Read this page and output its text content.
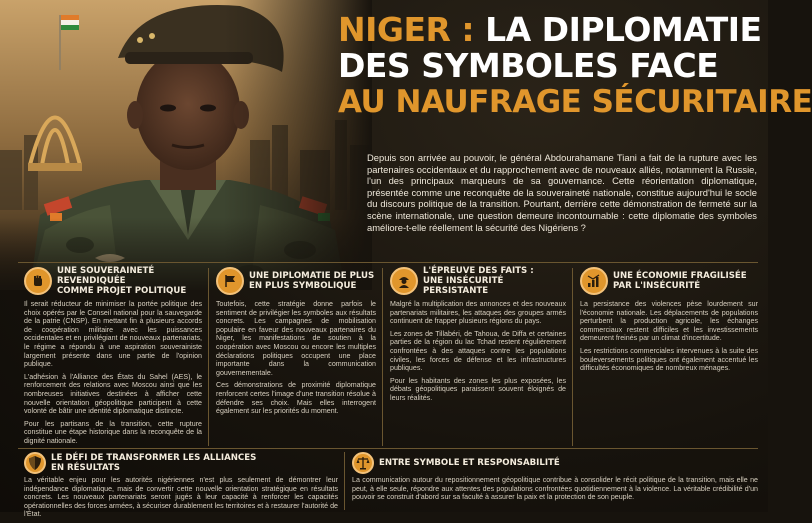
NIGER : LA DIPLOMATIE
DES SYMBOLES FACE
AU NAUFRAGE SÉCURITAIRE
Depuis son arrivée au pouvoir, le général Abdourahamane Tiani a fait de la rupture avec les partenaires occidentaux et du rapprochement avec de nouveaux alliés, notamment la Russie, l'un des principaux marqueurs de sa gouvernance. Cette réorientation diplomatique, présentée comme une reconquête de la souveraineté nationale, constitue aujourd'hui le socle du discours politique de la transition. Pourtant, derrière cette démonstration de fermeté sur la scène internationale, une question demeure incontournable : cette diplomatie des symboles améliore-t-elle réellement la sécurité des Nigériens ?
UNE SOUVERAINETÉ REVENDIQUÉE
COMME PROJET POLITIQUE

Il serait réducteur de minimiser la portée politique des choix opérés par le Conseil national pour la sauvegarde de la patrie (CNSP). En mettant fin à plusieurs accords de coopération militaire avec les puissances occidentales et en privilégiant de nouveaux partenariats, le régime a répondu à une aspiration souverainiste largement présente dans une partie de l'opinion publique.

L'adhésion à l'Alliance des États du Sahel (AES), le renforcement des relations avec Moscou ainsi que les nombreuses initiatives destinées à afficher cette nouvelle orientation géopolitique participent à cette volonté de bâtir une identité diplomatique distincte.

Pour les partisans de la transition, cette rupture constitue une étape historique dans la reconquête de la dignité nationale.

UNE DIPLOMATIE DE PLUS
EN PLUS SYMBOLIQUE

Toutefois, cette stratégie donne parfois le sentiment de privilégier les symboles aux résultats concrets. Les campagnes de mobilisation populaire en faveur des nouveaux partenaires du Niger, les manifestations de soutien à la coopération avec Moscou ou encore les multiples déclarations politiques occupent une place importante dans la communication gouvernementale.

Ces démonstrations de proximité diplomatique renforcent certes l'image d'une transition résolue à défendre ses choix. Mais elles interrogent également sur les priorités du moment.

L'ÉPREUVE DES FAITS :
UNE INSÉCURITÉ PERSISTANTE

Malgré la multiplication des annonces et des nouveaux partenariats militaires, les attaques des groupes armés continuent de frapper plusieurs régions du pays.

Les zones de Tillabéri, de Tahoua, de Diffa et certaines parties de la région du lac Tchad restent régulièrement confrontées à des attaques contre les populations civiles, les forces de défense et les infrastructures publiques.

Pour les habitants des zones les plus exposées, les débats géopolitiques paraissent souvent éloignés de leurs réalités.

UNE ÉCONOMIE FRAGILISÉE
PAR L'INSÉCURITÉ

La persistance des violences pèse lourdement sur l'économie nationale. Les déplacements de populations perturbent la production agricole, les échanges commerciaux restent difficiles et les investissements demeurent freinés par un climat d'incertitude.

Les restrictions commerciales intervenues à la suite des bouleversements politiques ont également accentué les difficultés économiques de nombreux ménages.

LE DÉFI DE TRANSFORMER LES ALLIANCES
EN RÉSULTATS

La véritable enjeu pour les autorités nigériennes n'est plus seulement de démontrer leur indépendance diplomatique, mais de convertir cette nouvelle orientation stratégique en résultats concrets. Les nouveaux partenariats seront jugés à leur capacité à renforcer les capacités opérationnelles des forces armées, à sécuriser durablement les territoires et à restaurer l'autorité de l'État.

ENTRE SYMBOLE ET RESPONSABILITÉ

La communication autour du repositionnement géopolitique contribue à consolider le récit politique de la transition, mais elle ne peut, à elle seule, répondre aux attentes des populations confrontées quotidiennement à la violence. La véritable crédibilité d'un pouvoir se construit d'abord sur sa faculté à assurer la paix et la protection de son peuple.
